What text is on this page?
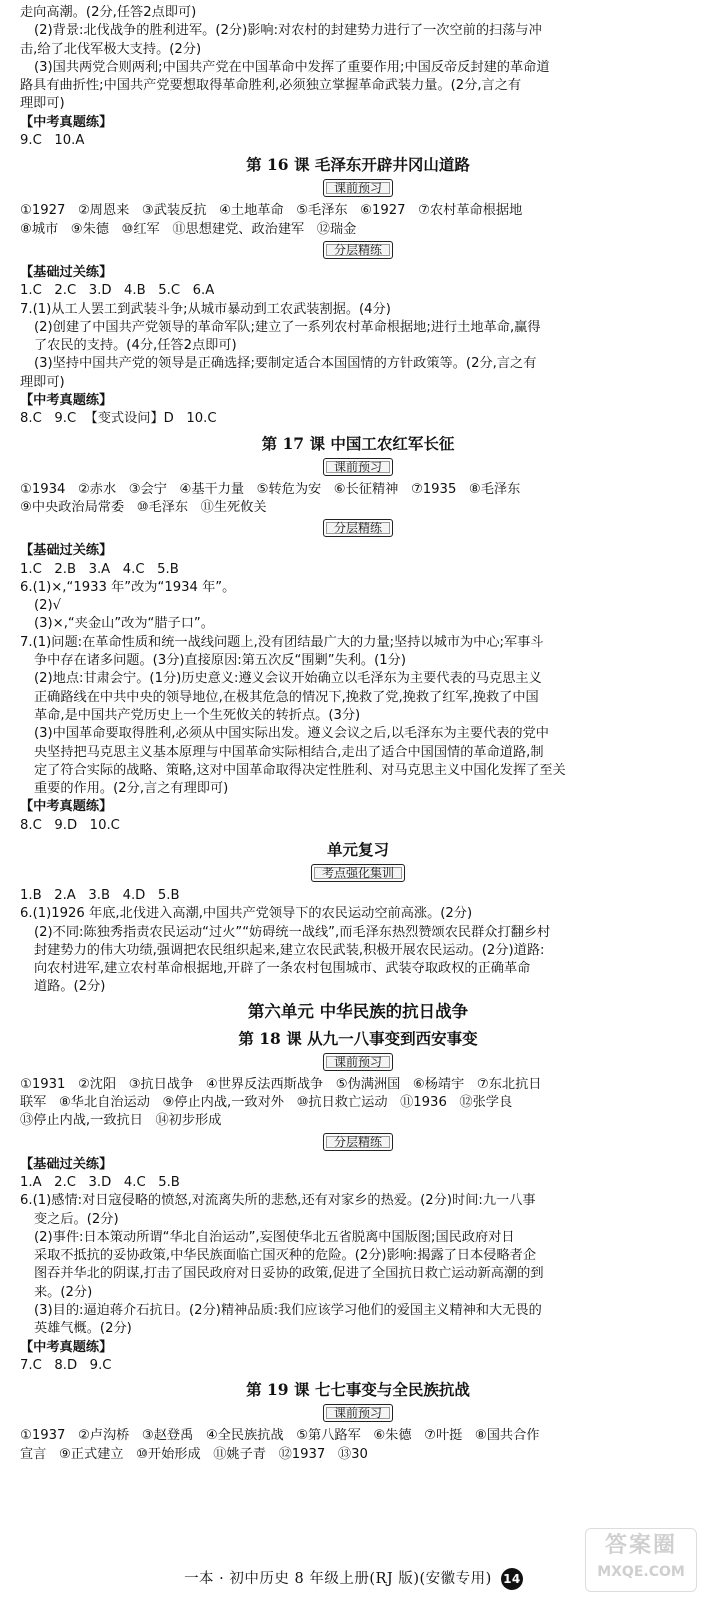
走向高潮。(2分,任答2点即可)
(2)背景:北伐战争的胜利进军。(2分)影响:对农村的封建势力进行了一次空前的扫荡与冲
击,给了北伐军极大支持。(2分)
(3)国共两党合则两利;中国共产党在中国革命中发挥了重要作用;中国反帝反封建的革命道
路具有曲折性;中国共产党要想取得革命胜利,必须独立掌握革命武装力量。(2分,言之有
理即可)
【中考真题练】
9.C   10.A
第 16 课 毛泽东开辟井冈山道路
课前预习
①1927   ②周恩来   ③武装反抗   ④土地革命   ⑤毛泽东   ⑥1927   ⑦农村革命根据地
⑧城市   ⑨朱德   ⑩红军   ⑪思想建党、政治建军   ⑫瑞金
分层精练
【基础过关练】
1.C   2.C   3.D   4.B   5.C   6.A
7.(1)从工人罢工到武装斗争;从城市暴动到工农武装割据。(4分)
(2)创建了中国共产党领导的革命军队;建立了一系列农村革命根据地;进行土地革命,赢得
了农民的支持。(4分,任答2点即可)
(3)坚持中国共产党的领导是正确选择;要制定适合本国国情的方针政策等。(2分,言之有
理即可)
【中考真题练】
8.C   9.C  【变式设问】D   10.C
第 17 课 中国工农红军长征
课前预习
①1934   ②赤水   ③会宁   ④基干力量   ⑤转危为安   ⑥长征精神   ⑦1935   ⑧毛泽东
⑨中央政治局常委   ⑩毛泽东   ⑪生死攸关
分层精练
【基础过关练】
1.C   2.B   3.A   4.C   5.B
6.(1)×,“1933 年”改为“1934 年”。
(2)√
(3)×,“夹金山”改为“腊子口”。
7.(1)问题:在革命性质和统一战线问题上,没有团结最广大的力量;坚持以城市为中心;军事斗
争中存在诸多问题。(3分)直接原因:第五次反“围剿”失利。(1分)
(2)地点:甘肃会宁。(1分)历史意义:遵义会议开始确立以毛泽东为主要代表的马克思主义
正确路线在中共中央的领导地位,在极其危急的情况下,挽救了党,挽救了红军,挽救了中国
革命,是中国共产党历史上一个生死攸关的转折点。(3分)
(3)中国革命要取得胜利,必须从中国实际出发。遵义会议之后,以毛泽东为主要代表的党中
央坚持把马克思主义基本原理与中国革命实际相结合,走出了适合中国国情的革命道路,制
定了符合实际的战略、策略,这对中国革命取得决定性胜利、对马克思主义中国化发挥了至关
重要的作用。(2分,言之有理即可)
【中考真题练】
8.C   9.D   10.C
单元复习
考点强化集训
1.B   2.A   3.B   4.D   5.B
6.(1)1926 年底,北伐进入高潮,中国共产党领导下的农民运动空前高涨。(2分)
(2)不同:陈独秀指责农民运动“过火”“妨碍统一战线”,而毛泽东热烈赞颂农民群众打翻乡村
封建势力的伟大功绩,强调把农民组织起来,建立农民武装,积极开展农民运动。(2分)道路:
向农村进军,建立农村革命根据地,开辟了一条农村包围城市、武装夺取政权的正确革命
道路。(2分)
第六单元 中华民族的抗日战争
第 18 课 从九一八事变到西安事变
课前预习
①1931   ②沈阳   ③抗日战争   ④世界反法西斯战争   ⑤伪满洲国   ⑥杨靖宇   ⑦东北抗日
联军   ⑧华北自治运动   ⑨停止内战,一致对外   ⑩抗日救亡运动   ⑪1936   ⑫张学良
⑬停止内战,一致抗日   ⑭初步形成
分层精练
【基础过关练】
1.A   2.C   3.D   4.C   5.B
6.(1)感情:对日寇侵略的愤怒,对流离失所的悲愁,还有对家乡的热爱。(2分)时间:九一八事
变之后。(2分)
(2)事件:日本策动所谓“华北自治运动”,妄图使华北五省脱离中国版图;国民政府对日
采取不抵抗的妥协政策,中华民族面临亡国灭种的危险。(2分)影响:揭露了日本侵略者企
图吞并华北的阴谋,打击了国民政府对日妥协的政策,促进了全国抗日救亡运动新高潮的到
来。(2分)
(3)目的:逼迫蒋介石抗日。(2分)精神品质:我们应该学习他们的爱国主义精神和大无畏的
英雄气概。(2分)
【中考真题练】
7.C   8.D   9.C
第 19 课 七七事变与全民族抗战
课前预习
①1937   ②卢沟桥   ③赵登禹   ④全民族抗战   ⑤第八路军   ⑥朱德   ⑦叶挺   ⑧国共合作
宣言   ⑨正式建立   ⑩开始形成   ⑪姚子青   ⑫1937   ⑬30
一本 · 初中历史 8 年级上册(RJ 版)(安徽专用) 14
答案圈
MXQE.COM
